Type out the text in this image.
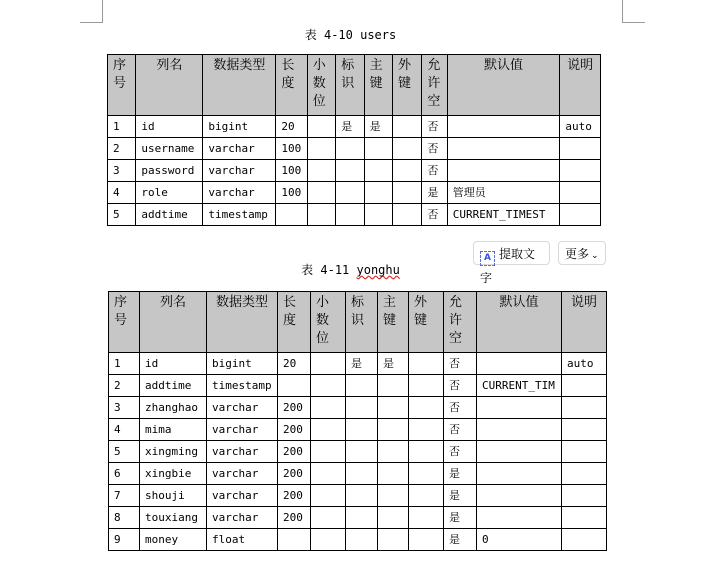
表 4-10 users
序号	列名	数据类型	长度	小数位	标识	主键	外键	允许空	默认值	说明
1	id	bigint	20		是	是		否		auto
2	username	varchar	100					否		
3	password	varchar	100					否		
4	role	varchar	100					是	管理员	
5	addtime	timestamp						否	CURRENT_TIMEST	
A 提取文字
更多 ⌄
表 4-11 yonghu
序号	列名	数据类型	长度	小数位	标识	主键	外键	允许空	默认值	说明
1	id	bigint	20		是	是		否		auto
2	addtime	timestamp						否	CURRENT_TIM	
3	zhanghao	varchar	200					否		
4	mima	varchar	200					否		
5	xingming	varchar	200					否		
6	xingbie	varchar	200					是		
7	shouji	varchar	200					是		
8	touxiang	varchar	200					是		
9	money	float						是	0	
